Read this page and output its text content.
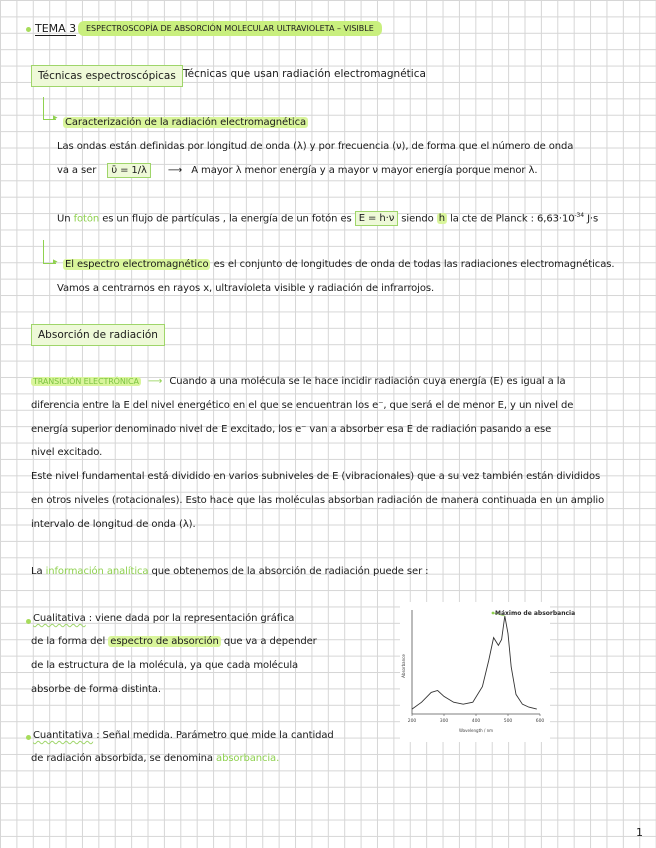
TEMA 3	ESPECTROSCOPÍA DE ABSORCIÓN MOLECULAR ULTRAVIOLETA – VISIBLE
Técnicas espectroscópicas Técnicas que usan radiación electromagnética
▸ Caracterización de la radiación electromagnética
Las ondas están definidas por longitud de onda (λ) y por frecuencia (ν), de forma que el número de onda
va a ser ῡ = 1/λ ⟶ A mayor λ menor energía y a mayor ν mayor energía porque menor λ.
Un fotón es un flujo de partículas , la energía de un fotón es E = h·ν siendo h la cte de Planck : $6,63\cdot 10^{-34}$ J·s
▸ El espectro electromagnético es el conjunto de longitudes de onda de todas las radiaciones electromagnéticas.
Vamos a centrarnos en rayos x, ultravioleta visible y radiación de infrarrojos.
Absorción de radiación
TRANSICIÓN ELECTRÓNICA ⟶ Cuando a una molécula se le hace incidir radiación cuya energía (E) es igual a la
diferencia entre la E del nivel energético en el que se encuentran los e⁻, que será el de menor E, y un nivel de
energía superior denominado nivel de E excitado, los e⁻ van a absorber esa E de radiación pasando a ese
nivel excitado.
Este nivel fundamental está dividido en varios subniveles de E (vibracionales) que a su vez también están divididos
en otros niveles (rotacionales). Esto hace que las moléculas absorban radiación de manera continuada en un amplio
intervalo de longitud de onda (λ).
La información analítica que obtenemos de la absorción de radiación puede ser :
Cualitativa : viene dada por la representación gráfica
de la forma del espectro de absorción que va a depender
de la estructura de la molécula, ya que cada molécula
absorbe de forma distinta.
Cuantitativa : Señal medida. Parámetro que mide la cantidad
de radiación absorbida, se denomina absorbancia.
200	300	400	500	600
Absorbance
Wavelength / nm
Máximo de absorbancia
1
